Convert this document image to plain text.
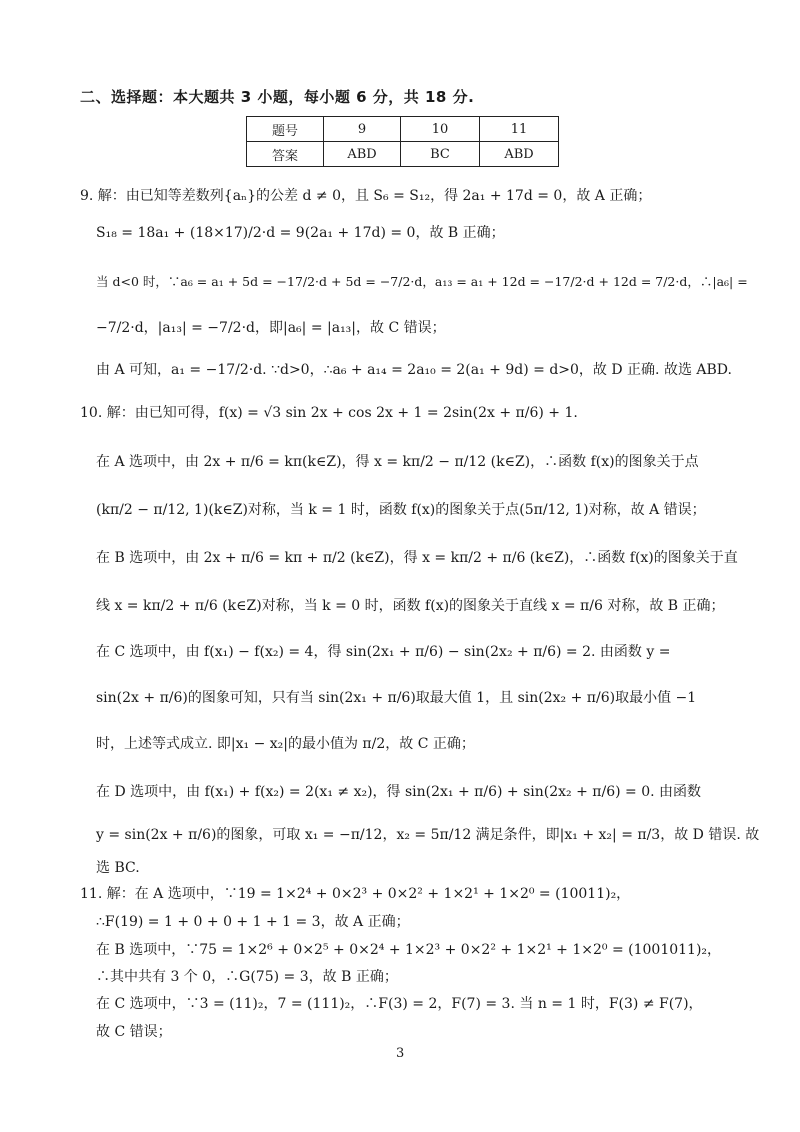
二、选择题：本大题共 3 小题，每小题 6 分，共 18 分.
题号	9	10	11
答案	ABD	BC	ABD
9. 解：由已知等差数列{aₙ}的公差 d ≠ 0，且 S₆ = S₁₂，得 2a₁ + 17d = 0，故 A 正确；
S₁₈ = 18a₁ + (18×17)/2·d = 9(2a₁ + 17d) = 0，故 B 正确；
当 d<0 时，∵a₆ = a₁ + 5d = −17/2·d + 5d = −7/2·d，a₁₃ = a₁ + 12d = −17/2·d + 12d = 7/2·d，∴|a₆| =
−7/2·d，|a₁₃| = −7/2·d，即|a₆| = |a₁₃|，故 C 错误；
由 A 可知，a₁ = −17/2·d. ∵d>0，∴a₆ + a₁₄ = 2a₁₀ = 2(a₁ + 9d) = d>0，故 D 正确. 故选 ABD.
10. 解：由已知可得，f(x) = √3 sin 2x + cos 2x + 1 = 2sin(2x + π/6) + 1.
在 A 选项中，由 2x + π/6 = kπ(k∈Z)，得 x = kπ/2 − π/12 (k∈Z)，∴函数 f(x)的图象关于点
(kπ/2 − π/12, 1)(k∈Z)对称，当 k = 1 时，函数 f(x)的图象关于点(5π/12, 1)对称，故 A 错误；
在 B 选项中，由 2x + π/6 = kπ + π/2 (k∈Z)，得 x = kπ/2 + π/6 (k∈Z)，∴函数 f(x)的图象关于直
线 x = kπ/2 + π/6 (k∈Z)对称，当 k = 0 时，函数 f(x)的图象关于直线 x = π/6 对称，故 B 正确；
在 C 选项中，由 f(x₁) − f(x₂) = 4，得 sin(2x₁ + π/6) − sin(2x₂ + π/6) = 2. 由函数 y =
sin(2x + π/6)的图象可知，只有当 sin(2x₁ + π/6)取最大值 1，且 sin(2x₂ + π/6)取最小值 −1
时，上述等式成立. 即|x₁ − x₂|的最小值为 π/2，故 C 正确；
在 D 选项中，由 f(x₁) + f(x₂) = 2(x₁ ≠ x₂)，得 sin(2x₁ + π/6) + sin(2x₂ + π/6) = 0. 由函数
y = sin(2x + π/6)的图象，可取 x₁ = −π/12，x₂ = 5π/12 满足条件，即|x₁ + x₂| = π/3，故 D 错误. 故
选 BC.
11. 解：在 A 选项中，∵19 = 1×2⁴ + 0×2³ + 0×2² + 1×2¹ + 1×2⁰ = (10011)₂，
∴F(19) = 1 + 0 + 0 + 1 + 1 = 3，故 A 正确；
在 B 选项中，∵75 = 1×2⁶ + 0×2⁵ + 0×2⁴ + 1×2³ + 0×2² + 1×2¹ + 1×2⁰ = (1001011)₂，
∴其中共有 3 个 0，∴G(75) = 3，故 B 正确；
在 C 选项中，∵3 = (11)₂，7 = (111)₂，∴F(3) = 2，F(7) = 3. 当 n = 1 时，F(3) ≠ F(7)，
故 C 错误；
3
